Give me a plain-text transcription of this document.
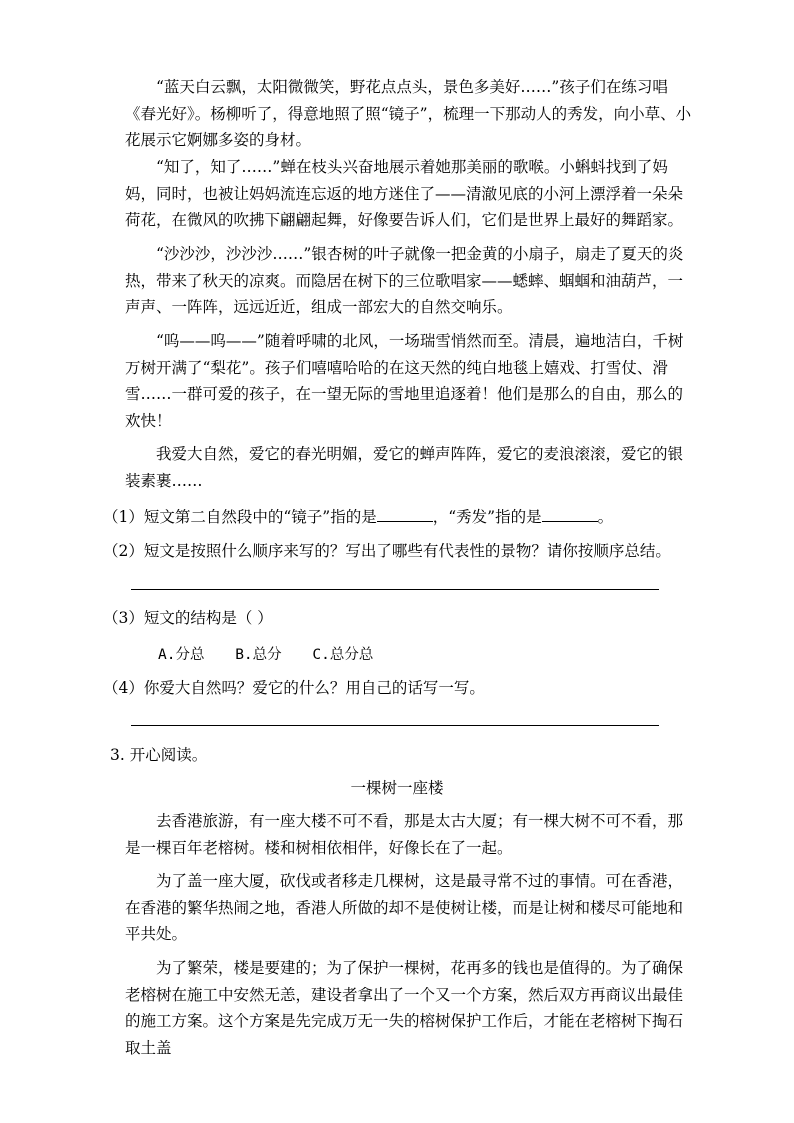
“蓝天白云飘，太阳微微笑，野花点点头，景色多美好……”孩子们在练习唱《春光好》。杨柳听了，得意地照了照“镜子”，梳理一下那动人的秀发，向小草、小花展示它婀娜多姿的身材。

“知了，知了……”蝉在枝头兴奋地展示着她那美丽的歌喉。小蝌蚪找到了妈妈，同时，也被让妈妈流连忘返的地方迷住了——清澈见底的小河上漂浮着一朵朵荷花，在微风的吹拂下翩翩起舞，好像要告诉人们，它们是世界上最好的舞蹈家。

“沙沙沙，沙沙沙……”银杏树的叶子就像一把金黄的小扇子，扇走了夏天的炎热，带来了秋天的凉爽。而隐居在树下的三位歌唱家——蟋蟀、蝈蝈和油葫芦，一声声、一阵阵，远远近近，组成一部宏大的自然交响乐。

“呜——呜——”随着呼啸的北风，一场瑞雪悄然而至。清晨，遍地洁白，千树万树开满了“梨花”。孩子们嘻嘻哈哈的在这天然的纯白地毯上嬉戏、打雪仗、滑雪……一群可爱的孩子，在一望无际的雪地里追逐着！他们是那么的自由，那么的欢快！

我爱大自然，爱它的春光明媚，爱它的蝉声阵阵，爱它的麦浪滚滚，爱它的银装素裹……

（1）短文第二自然段中的“镜子”指的是	，“秀发”指的是	。

（2）短文是按照什么顺序来写的？写出了哪些有代表性的景物？请你按顺序总结。

（3）短文的结构是（ ）

A.分总 B.总分 C.总分总

（4）你爱大自然吗？爱它的什么？用自己的话写一写。

3. 开心阅读。

一棵树一座楼

去香港旅游，有一座大楼不可不看，那是太古大厦；有一棵大树不可不看，那是一棵百年老榕树。楼和树相依相伴，好像长在了一起。

为了盖一座大厦，砍伐或者移走几棵树，这是最寻常不过的事情。可在香港，在香港的繁华热闹之地，香港人所做的却不是使树让楼，而是让树和楼尽可能地和平共处。

为了繁荣，楼是要建的；为了保护一棵树，花再多的钱也是值得的。为了确保老榕树在施工中安然无恙，建设者拿出了一个又一个方案，然后双方再商议出最佳的施工方案。这个方案是先完成万无一失的榕树保护工作后，才能在老榕树下掏石取土盖
